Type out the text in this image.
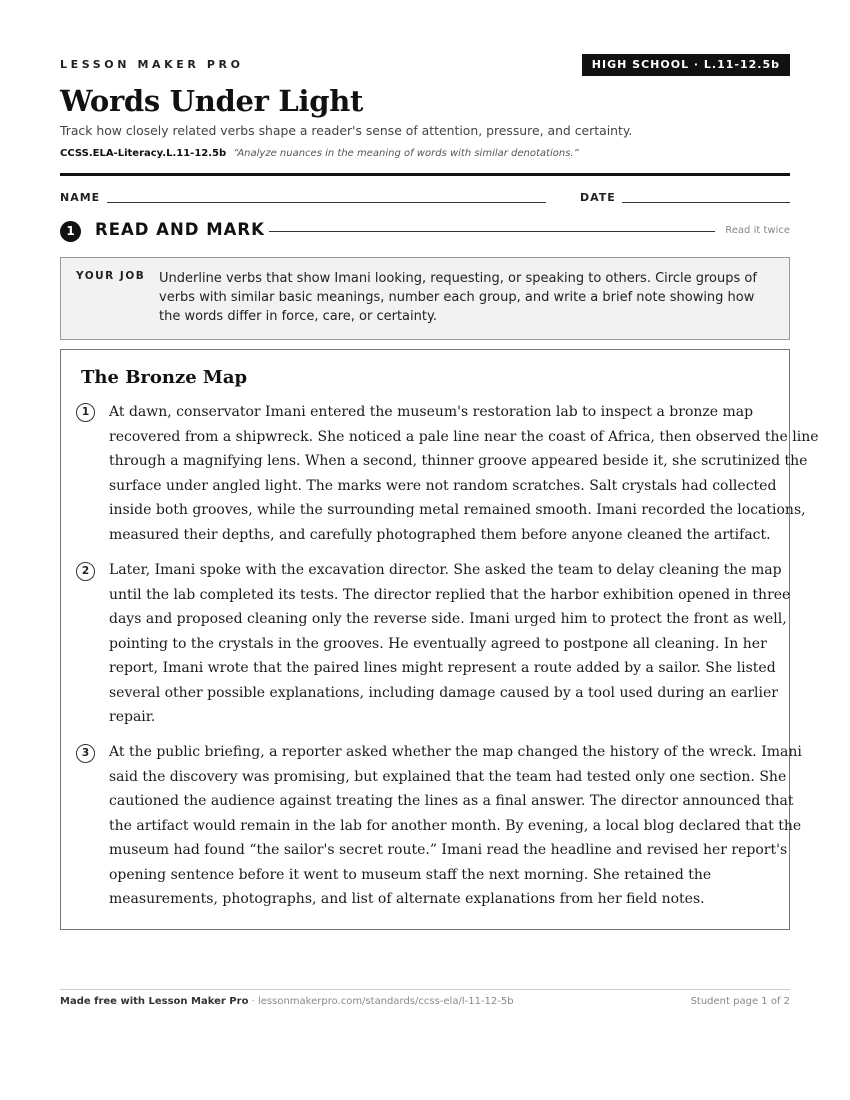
LESSON MAKER PRO	HIGH SCHOOL · L.11-12.5b
Words Under Light
Track how closely related verbs shape a reader's sense of attention, pressure, and certainty.
CCSS.ELA-Literacy.L.11-12.5b “Analyze nuances in the meaning of words with similar denotations.”
NAME	DATE
1	READ AND MARK	Read it twice
YOUR JOB Underline verbs that show Imani looking, requesting, or speaking to others. Circle groups of
verbs with similar basic meanings, number each group, and write a brief note showing how
the words differ in force, care, or certainty.
The Bronze Map
1	At dawn, conservator Imani entered the museum's restoration lab to inspect a bronze map
recovered from a shipwreck. She noticed a pale line near the coast of Africa, then observed the line
through a magnifying lens. When a second, thinner groove appeared beside it, she scrutinized the
surface under angled light. The marks were not random scratches. Salt crystals had collected
inside both grooves, while the surrounding metal remained smooth. Imani recorded the locations,
measured their depths, and carefully photographed them before anyone cleaned the artifact.

2	Later, Imani spoke with the excavation director. She asked the team to delay cleaning the map
until the lab completed its tests. The director replied that the harbor exhibition opened in three
days and proposed cleaning only the reverse side. Imani urged him to protect the front as well,
pointing to the crystals in the grooves. He eventually agreed to postpone all cleaning. In her
report, Imani wrote that the paired lines might represent a route added by a sailor. She listed
several other possible explanations, including damage caused by a tool used during an earlier
repair.

3	At the public briefing, a reporter asked whether the map changed the history of the wreck. Imani
said the discovery was promising, but explained that the team had tested only one section. She
cautioned the audience against treating the lines as a final answer. The director announced that
the artifact would remain in the lab for another month. By evening, a local blog declared that the
museum had found “the sailor's secret route.” Imani read the headline and revised her report's
opening sentence before it went to museum staff the next morning. She retained the
measurements, photographs, and list of alternate explanations from her field notes.

Made free with Lesson Maker Pro · lessonmakerpro.com/standards/ccss-ela/l-11-12-5b	Student page 1 of 2
